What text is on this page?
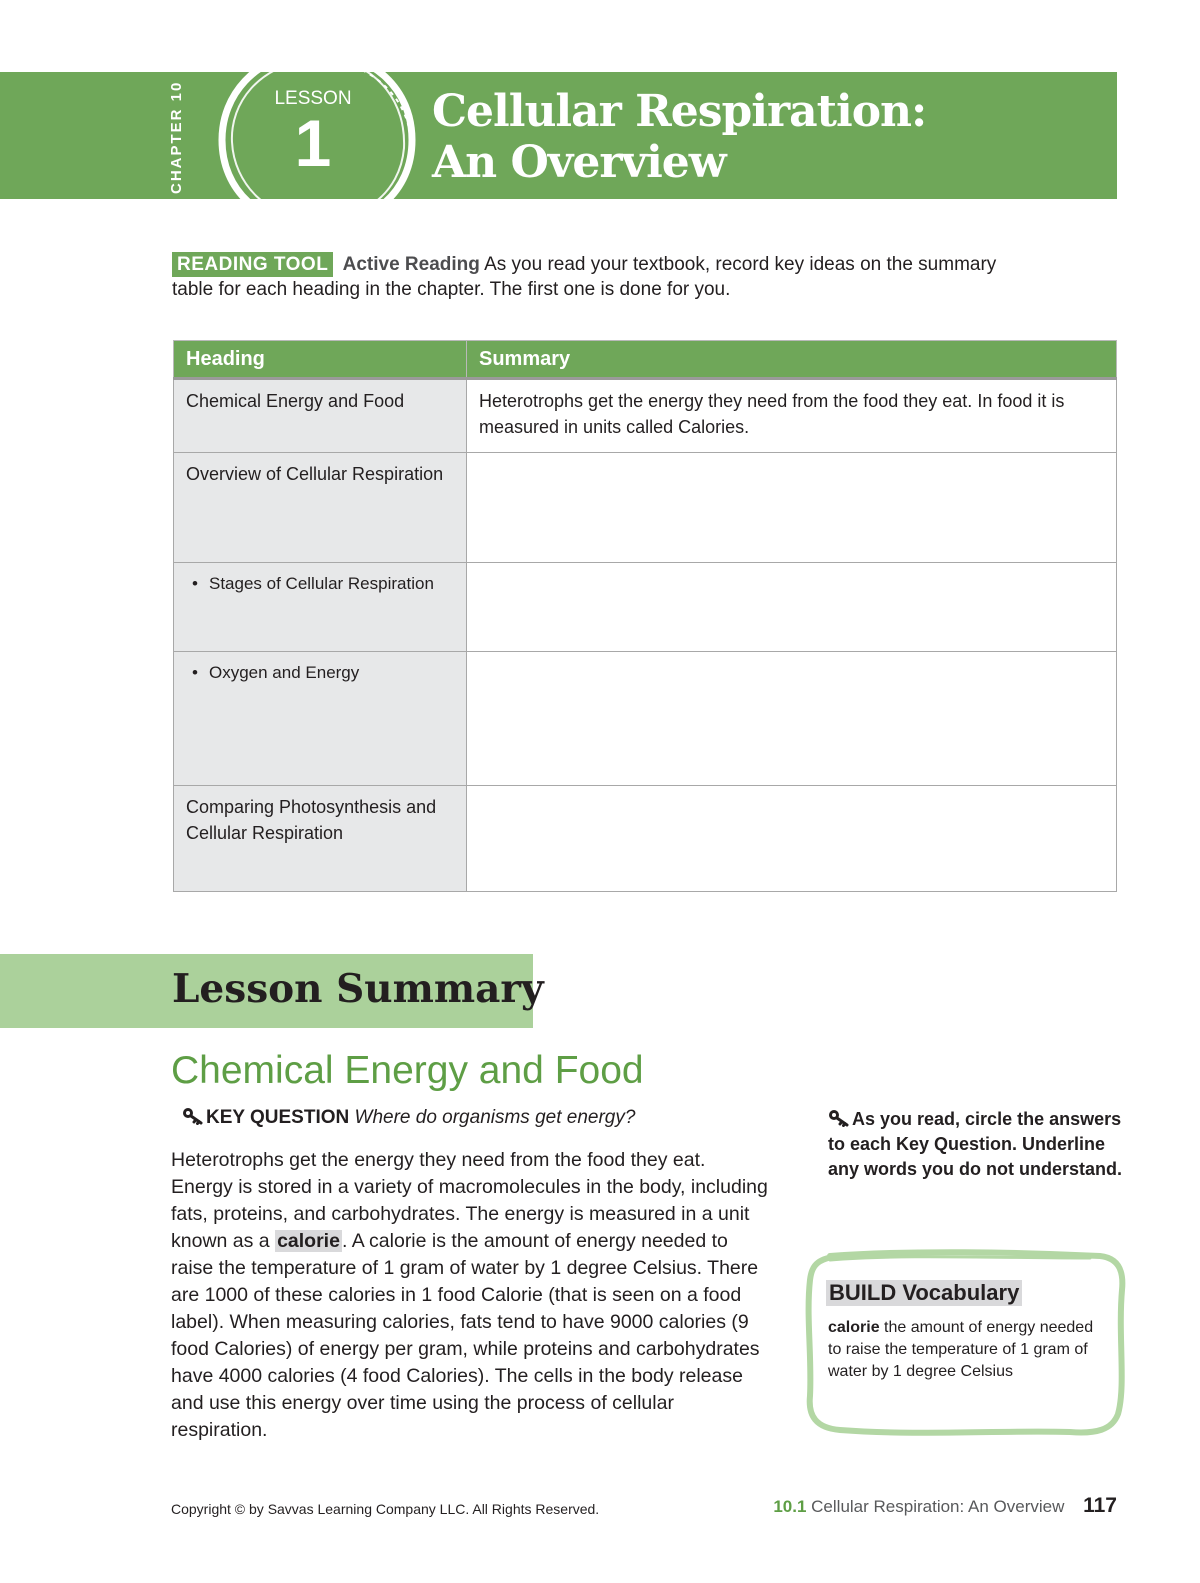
CHAPTER 10	LESSON
1	Cellular Respiration:
An Overview
READING TOOL Active Reading As you read your textbook, record key ideas on the summary table for each heading in the chapter. The first one is done for you.
Heading	Summary
Chemical Energy and Food	Heterotrophs get the energy they need from the food they eat. In food it is measured in units called Calories.
Overview of Cellular Respiration	
• Stages of Cellular Respiration	
• Oxygen and Energy	
Comparing Photosynthesis and Cellular Respiration	
Lesson Summary
Chemical Energy and Food
KEY QUESTION Where do organisms get energy?
Heterotrophs get the energy they need from the food they eat. Energy is stored in a variety of macromolecules in the body, including fats, proteins, and carbohydrates. The energy is measured in a unit known as a calorie . A calorie is the amount of energy needed to raise the temperature of 1 gram of water by 1 degree Celsius. There are 1000 of these calories in 1 food Calorie (that is seen on a food label). When measuring calories, fats tend to have 9000 calories (9 food Calories) of energy per gram, while proteins and carbohydrates have 4000 calories (4 food Calories). The cells in the body release and use this energy over time using the process of cellular respiration.
As you read, circle the answers to each Key Question. Underline any words you do not understand.
BUILD Vocabulary
calorie the amount of energy needed to raise the temperature of 1 gram of water by 1 degree Celsius
Copyright © by Savvas Learning Company LLC. All Rights Reserved.	10.1 Cellular Respiration: An Overview 117
